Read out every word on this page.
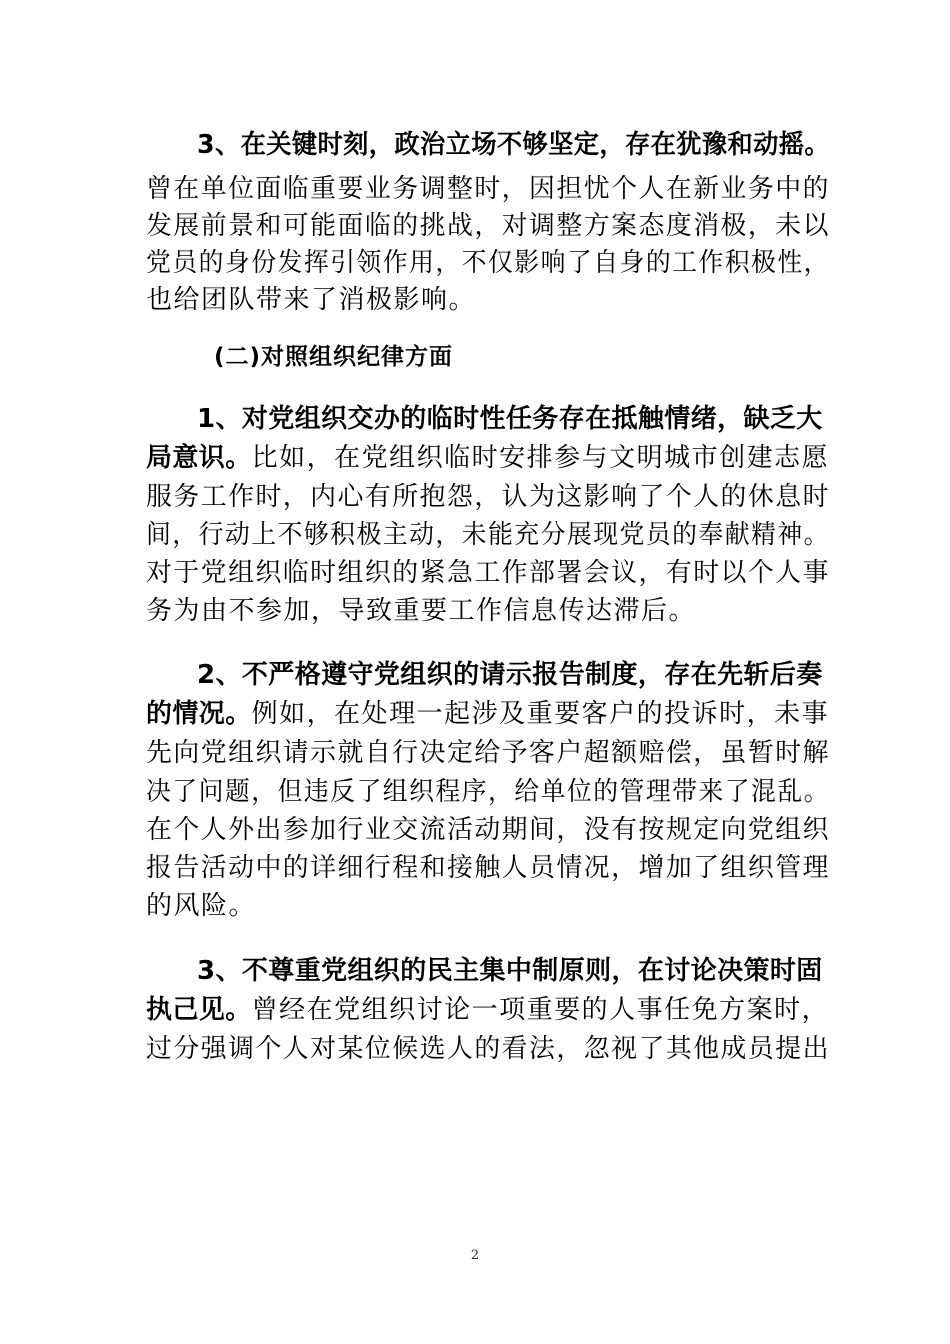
3、在关键时刻，政治立场不够坚定，存在犹豫和动摇。
曾在单位面临重要业务调整时，因担忧个人在新业务中的
发展前景和可能面临的挑战，对调整方案态度消极，未以
党员的身份发挥引领作用，不仅影响了自身的工作积极性，
也给团队带来了消极影响。
(二)对照组织纪律方面
1、对党组织交办的临时性任务存在抵触情绪，缺乏大
局意识。比如，在党组织临时安排参与文明城市创建志愿
服务工作时，内心有所抱怨，认为这影响了个人的休息时
间，行动上不够积极主动，未能充分展现党员的奉献精神。
对于党组织临时组织的紧急工作部署会议，有时以个人事
务为由不参加，导致重要工作信息传达滞后。
2、不严格遵守党组织的请示报告制度，存在先斩后奏
的情况。例如，在处理一起涉及重要客户的投诉时，未事
先向党组织请示就自行决定给予客户超额赔偿，虽暂时解
决了问题，但违反了组织程序，给单位的管理带来了混乱。
在个人外出参加行业交流活动期间，没有按规定向党组织
报告活动中的详细行程和接触人员情况，增加了组织管理
的风险。
3、不尊重党组织的民主集中制原则，在讨论决策时固
执己见。曾经在党组织讨论一项重要的人事任免方案时，
过分强调个人对某位候选人的看法，忽视了其他成员提出
2
